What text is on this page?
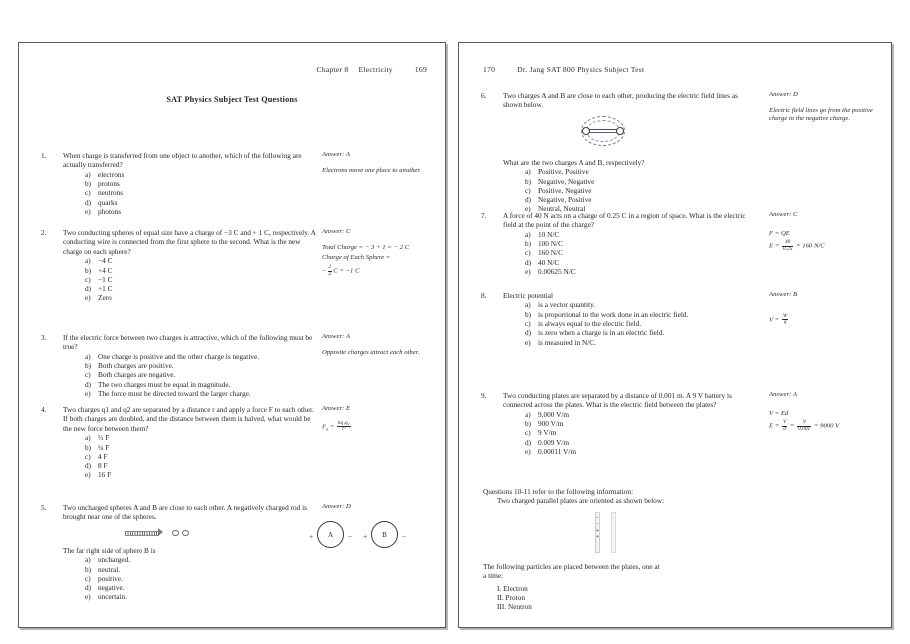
Chapter 8 Electricity	169
SAT Physics Subject Test Questions
1.	When charge is transferred from one object to another, which of the following are actually transferred?
a) electrons
b) protons
c) neutrons
d) quarks
e) photons
Answer: A
Electrons move one place to another.
2.	Two conducting spheres of equal size have a charge of −3 C and + 1 C, respectively. A conducting wire is connected from the first sphere to the second. What is the new charge on each sphere?
a) −4 C
b) +4 C
c) −1 C
d) +1 C
e) Zero
Answer: C
Total Charge = − 3 + 1 = − 2 C
Charge of Each Sphere =
− $\frac{2}{2}$ C = −1 C
3.	If the electric force between two charges is attractive, which of the following must be true?
a) One charge is positive and the other charge is negative.
b) Both charges are positive.
c) Both charges are negative.
d) The two charges must be equal in magnitude.
e) The force must be directed toward the larger charge.
Answer: A
Opposite charges attract each other.
4.	Two charges q1 and q2 are separated by a distance r and apply a force F to each other. If both charges are doubled, and the distance between them is halved, what would be the new force between them?
a) ½ F
b) ¼ F
c) 4 F
d) 8 F
e) 16 F
Answer: E
$F_e = \frac{\text{kq₁q₂}}{\text{r²}}$
5.	Two uncharged spheres A and B are close to each other. A negatively charged rod is brought near one of the spheres.
The far right side of sphere B is
a) uncharged.
b) neutral.
c) positive.
d) negative.
e) uncertain.
Answer: D
+	A	− +	B	−
170	Dr. Jang SAT 800 Physics Subject Test
6.	Two charges A and B are close to each other, producing the electric field lines as shown below.
What are the two charges A and B, respectively?
a) Positive, Positive
b) Negative, Negative
c) Positive, Negative
d) Negative, Positive
e) Neutral, Neutral
Answer: D
Electric field lines go from the positive charge to the negative charge.
7.	A force of 40 N acts on a charge of 0.25 C in a region of space. What is the electric field at the point of the charge?
a) 10 N/C
b) 100 N/C
c) 160 N/C
d) 40 N/C
e) 0.00625 N/C
Answer: C
F = QE
$E = \frac{40}{0.25} = 160$ N/C
8.	Electric potential
a) is a vector quantity.
b) is proportional to the work done in an electric field.
c) is always equal to the electric field.
d) is zero when a charge is in an electric field.
e) is measured in N/C.
Answer: B
$V = \frac{W}{q}$
9.	Two conducting plates are separated by a distance of 0.001 m. A 9 V battery is connected across the plates. What is the electric field between the plates?
a) 9,000 V/m
b) 900 V/m
c) 9 V/m
d) 0.009 V/m
e) 0.00011 V/m
Answer: A
V = Ed
$E = \frac{V}{d} = \frac{9}{0.001} = 9000$ V
Questions 10-11 refer to the following information:
Two charged parallel plates are oriented as shown below:
−
−
+
+
·
·
·
·
·
The following particles are placed between the plates, one at
a time:
I. Electron
II. Proton
III. Neutron
